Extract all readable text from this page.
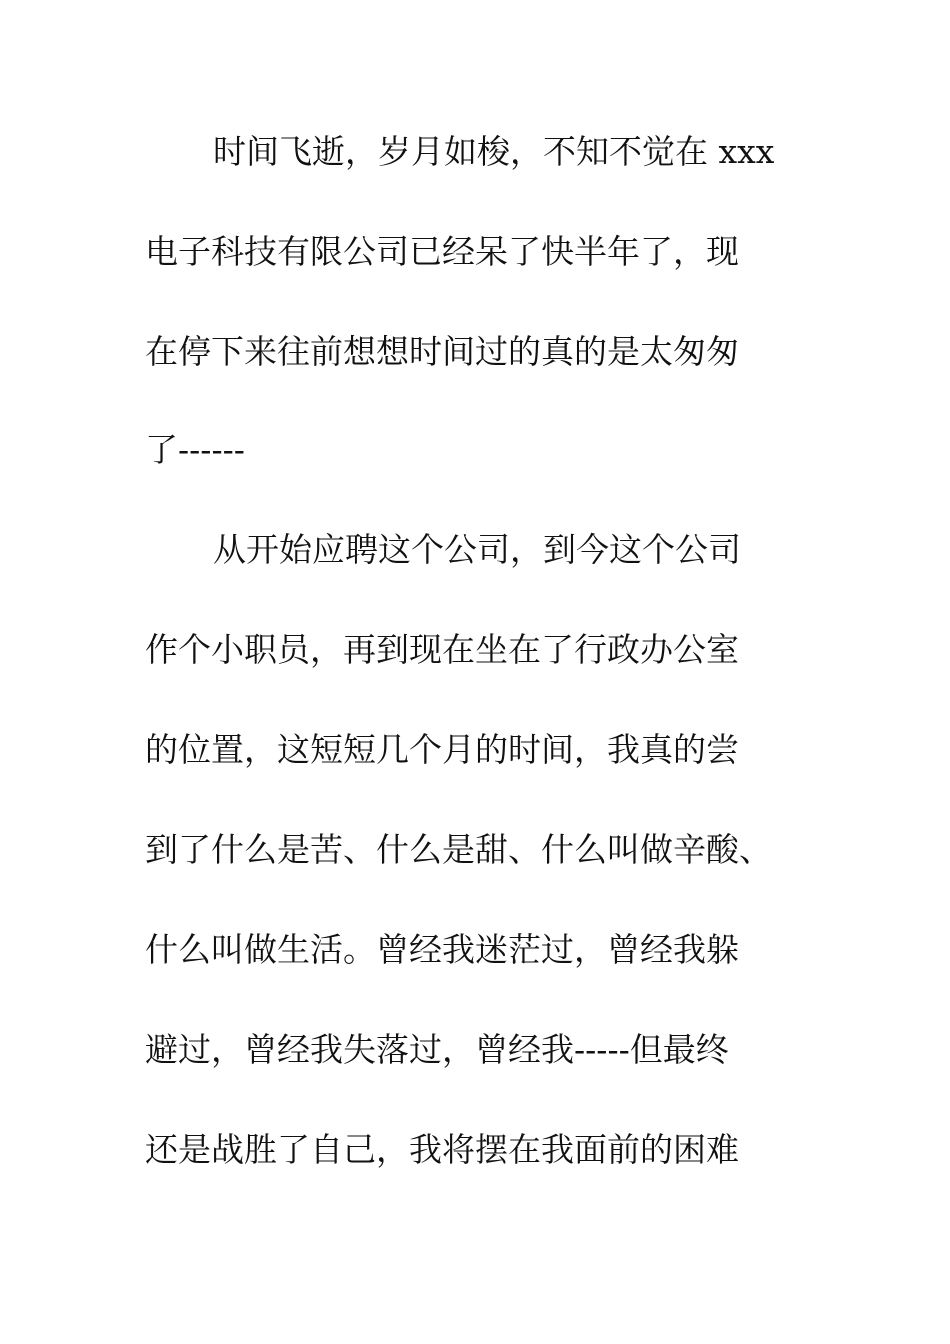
时间飞逝，岁月如梭，不知不觉在 xxx

电子科技有限公司已经呆了快半年了，现

在停下来往前想想时间过的真的是太匆匆

了------

从开始应聘这个公司，到今这个公司

作个小职员，再到现在坐在了行政办公室

的位置，这短短几个月的时间，我真的尝

到了什么是苦、什么是甜、什么叫做辛酸、

什么叫做生活。曾经我迷茫过，曾经我躲

避过，曾经我失落过，曾经我-----但最终

还是战胜了自己，我将摆在我面前的困难
